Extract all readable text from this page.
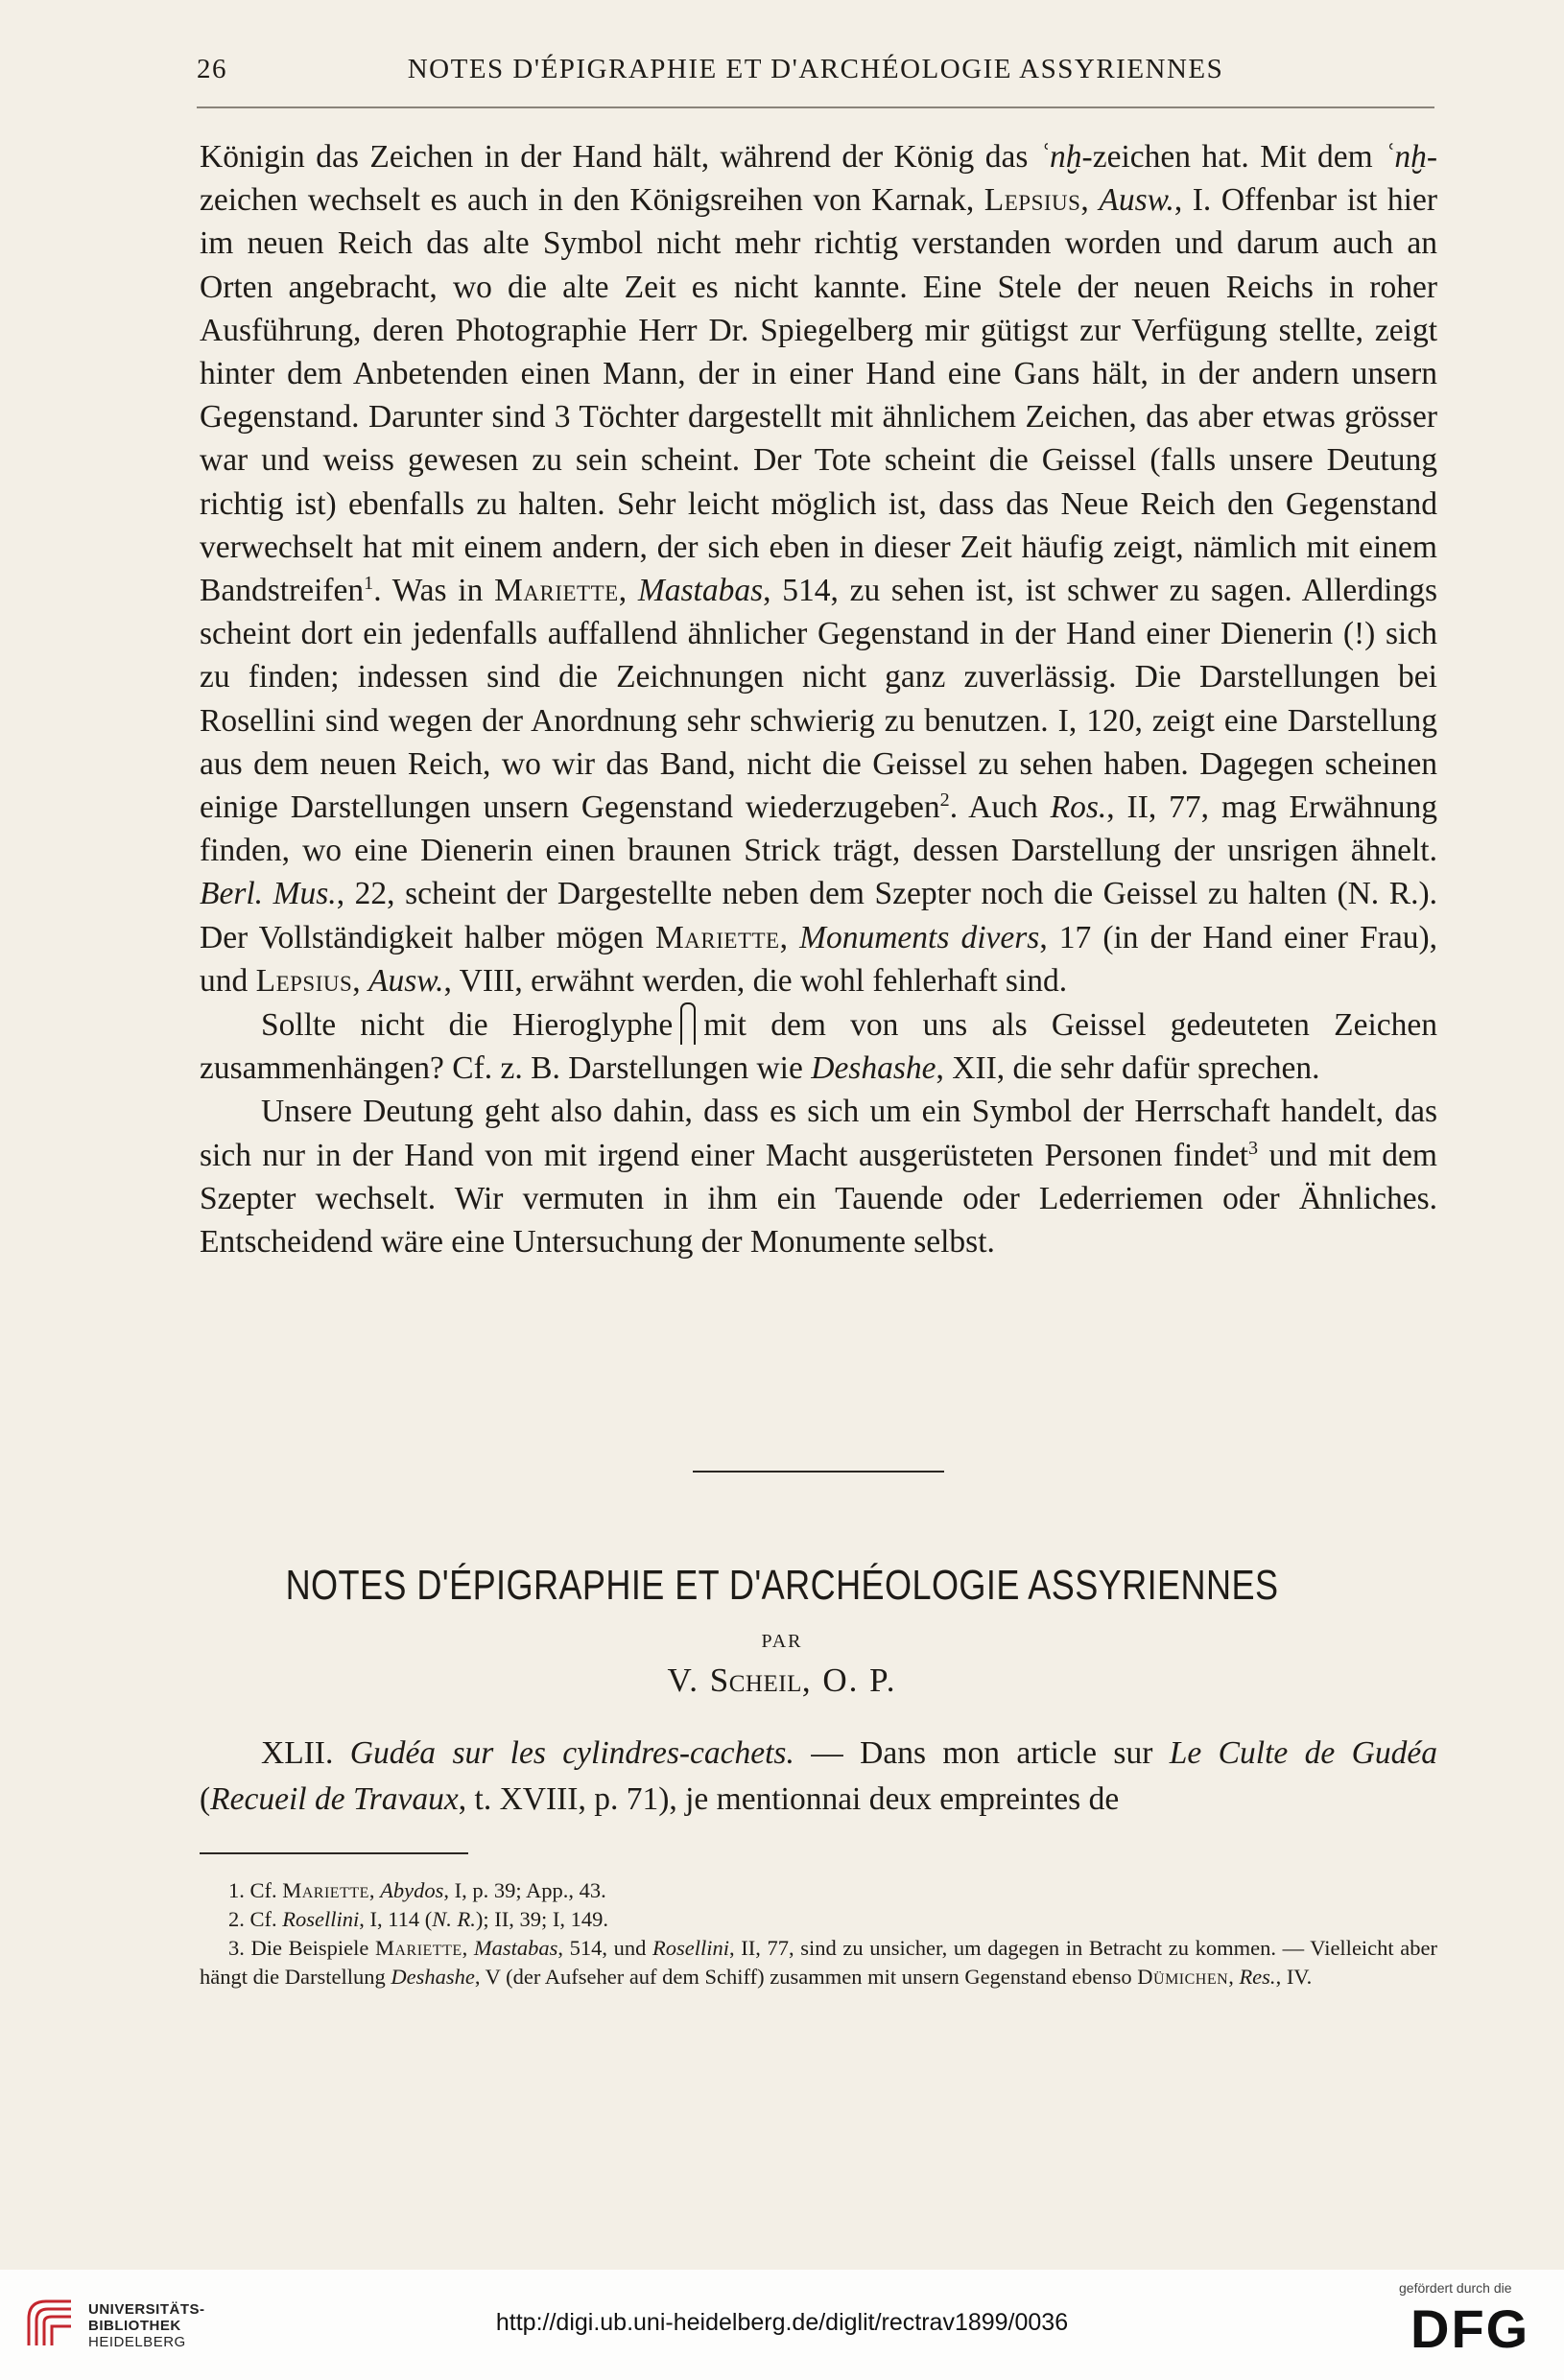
26	NOTES D'ÉPIGRAPHIE ET D'ARCHÉOLOGIE ASSYRIENNES

Königin das Zeichen in der Hand hält, während der König das ʿnḫ-zeichen hat. Mit dem ʿnḫ-zeichen wechselt es auch in den Königsreihen von Karnak, Lepsius, Ausw., I. Offenbar ist hier im neuen Reich das alte Symbol nicht mehr richtig verstanden worden und darum auch an Orten angebracht, wo die alte Zeit es nicht kannte. Eine Stele der neuen Reichs in roher Ausführung, deren Photographie Herr Dr. Spiegelberg mir gütigst zur Verfügung stellte, zeigt hinter dem Anbetenden einen Mann, der in einer Hand eine Gans hält, in der andern unsern Gegenstand. Darunter sind 3 Töchter dargestellt mit ähnlichem Zeichen, das aber etwas grösser war und weiss gewesen zu sein scheint. Der Tote scheint die Geissel (falls unsere Deutung richtig ist) ebenfalls zu halten. Sehr leicht möglich ist, dass das Neue Reich den Gegenstand verwechselt hat mit einem andern, der sich eben in dieser Zeit häufig zeigt, nämlich mit einem Bandstreifen$^1$. Was in Mariette, Mastabas, 514, zu sehen ist, ist schwer zu sagen. Allerdings scheint dort ein jedenfalls auffallend ähnlicher Gegenstand in der Hand einer Dienerin (!) sich zu finden; indessen sind die Zeichnungen nicht ganz zuverlässig. Die Darstellungen bei Rosellini sind wegen der Anordnung sehr schwierig zu benutzen. I, 120, zeigt eine Darstellung aus dem neuen Reich, wo wir das Band, nicht die Geissel zu sehen haben. Dagegen scheinen einige Darstellungen unsern Gegenstand wiederzugeben$^2$. Auch Ros., II, 77, mag Erwähnung finden, wo eine Dienerin einen braunen Strick trägt, dessen Darstellung der unsrigen ähnelt. Berl. Mus., 22, scheint der Dargestellte neben dem Szepter noch die Geissel zu halten (N. R.). Der Vollständigkeit halber mögen Mariette, Monuments divers, 17 (in der Hand einer Frau), und Lepsius, Ausw., VIII, erwähnt werden, die wohl fehlerhaft sind.

Sollte nicht die Hieroglyphe mit dem von uns als Geissel gedeuteten Zeichen zusammenhängen? Cf. z. B. Darstellungen wie Deshashe, XII, die sehr dafür sprechen.

Unsere Deutung geht also dahin, dass es sich um ein Symbol der Herrschaft handelt, das sich nur in der Hand von mit irgend einer Macht ausgerüsteten Personen findet$^3$ und mit dem Szepter wechselt. Wir vermuten in ihm ein Tauende oder Lederriemen oder Ähnliches. Entscheidend wäre eine Untersuchung der Monumente selbst.

NOTES D'ÉPIGRAPHIE ET D'ARCHÉOLOGIE ASSYRIENNES
PAR
V. Scheil, O. P.

XLII. Gudéa sur les cylindres-cachets. — Dans mon article sur Le Culte de Gudéa (Recueil de Travaux, t. XVIII, p. 71), je mentionnai deux empreintes de

1. Cf. Mariette, Abydos, I, p. 39; App., 43.

2. Cf. Rosellini, I, 114 (N. R.); II, 39; I, 149.

3. Die Beispiele Mariette, Mastabas, 514, und Rosellini, II, 77, sind zu unsicher, um dagegen in Betracht zu kommen. — Vielleicht aber hängt die Darstellung Deshashe, V (der Aufseher auf dem Schiff) zusammen mit unsern Gegenstand ebenso Dümichen, Res., IV.

UNIVERSITÄTS-
BIBLIOTHEK
HEIDELBERG
http://digi.ub.uni-heidelberg.de/diglit/rectrav1899/0036
gefördert durch die
DFG
